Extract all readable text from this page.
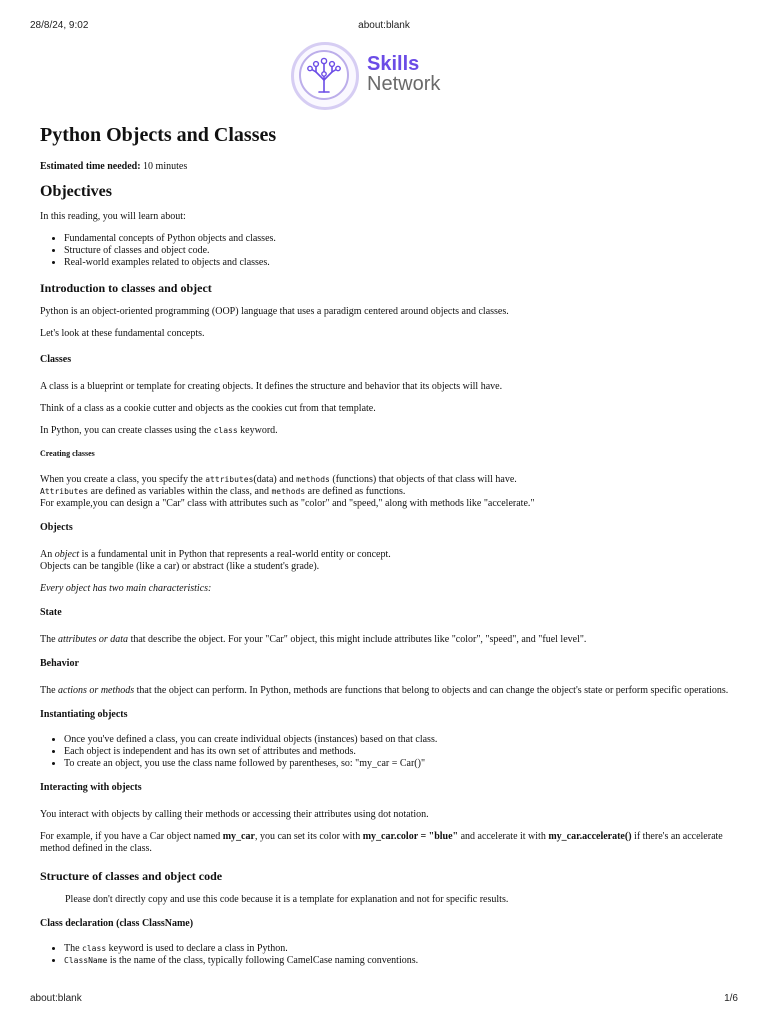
28/8/24, 9:02	about:blank
Skills
Network
Python Objects and Classes

Estimated time needed: 10 minutes

Objectives

In this reading, you will learn about:

• Fundamental concepts of Python objects and classes.
• Structure of classes and object code.
• Real-world examples related to objects and classes.
Introduction to classes and object

Python is an object-oriented programming (OOP) language that uses a paradigm centered around objects and classes.

Let's look at these fundamental concepts.

Classes

A class is a blueprint or template for creating objects. It defines the structure and behavior that its objects will have.

Think of a class as a cookie cutter and objects as the cookies cut from that template.

In Python, you can create classes using the class keyword.

Creating classes

When you create a class, you specify the attributes(data) and methods (functions) that objects of that class will have.
Attributes are defined as variables within the class, and methods are defined as functions.
For example,you can design a "Car" class with attributes such as "color" and "speed," along with methods like "accelerate."

Objects

An object is a fundamental unit in Python that represents a real-world entity or concept.
Objects can be tangible (like a car) or abstract (like a student's grade).

Every object has two main characteristics:

State

The attributes or data that describe the object. For your "Car" object, this might include attributes like "color", "speed", and "fuel level".

Behavior

The actions or methods that the object can perform. In Python, methods are functions that belong to objects and can change the object's state or perform specific operations.

Instantiating objects
• Once you've defined a class, you can create individual objects (instances) based on that class.
• Each object is independent and has its own set of attributes and methods.
• To create an object, you use the class name followed by parentheses, so: "my_car = Car()"
Interacting with objects

You interact with objects by calling their methods or accessing their attributes using dot notation.

For example, if you have a Car object named my_car, you can set its color with my_car.color = "blue" and accelerate it with my_car.accelerate() if there's an accelerate method defined in the class.

Structure of classes and object code

Please don't directly copy and use this code because it is a template for explanation and not for specific results.

Class declaration (class ClassName)
• The class keyword is used to declare a class in Python.
• ClassName is the name of the class, typically following CamelCase naming conventions.
about:blank	1/6
